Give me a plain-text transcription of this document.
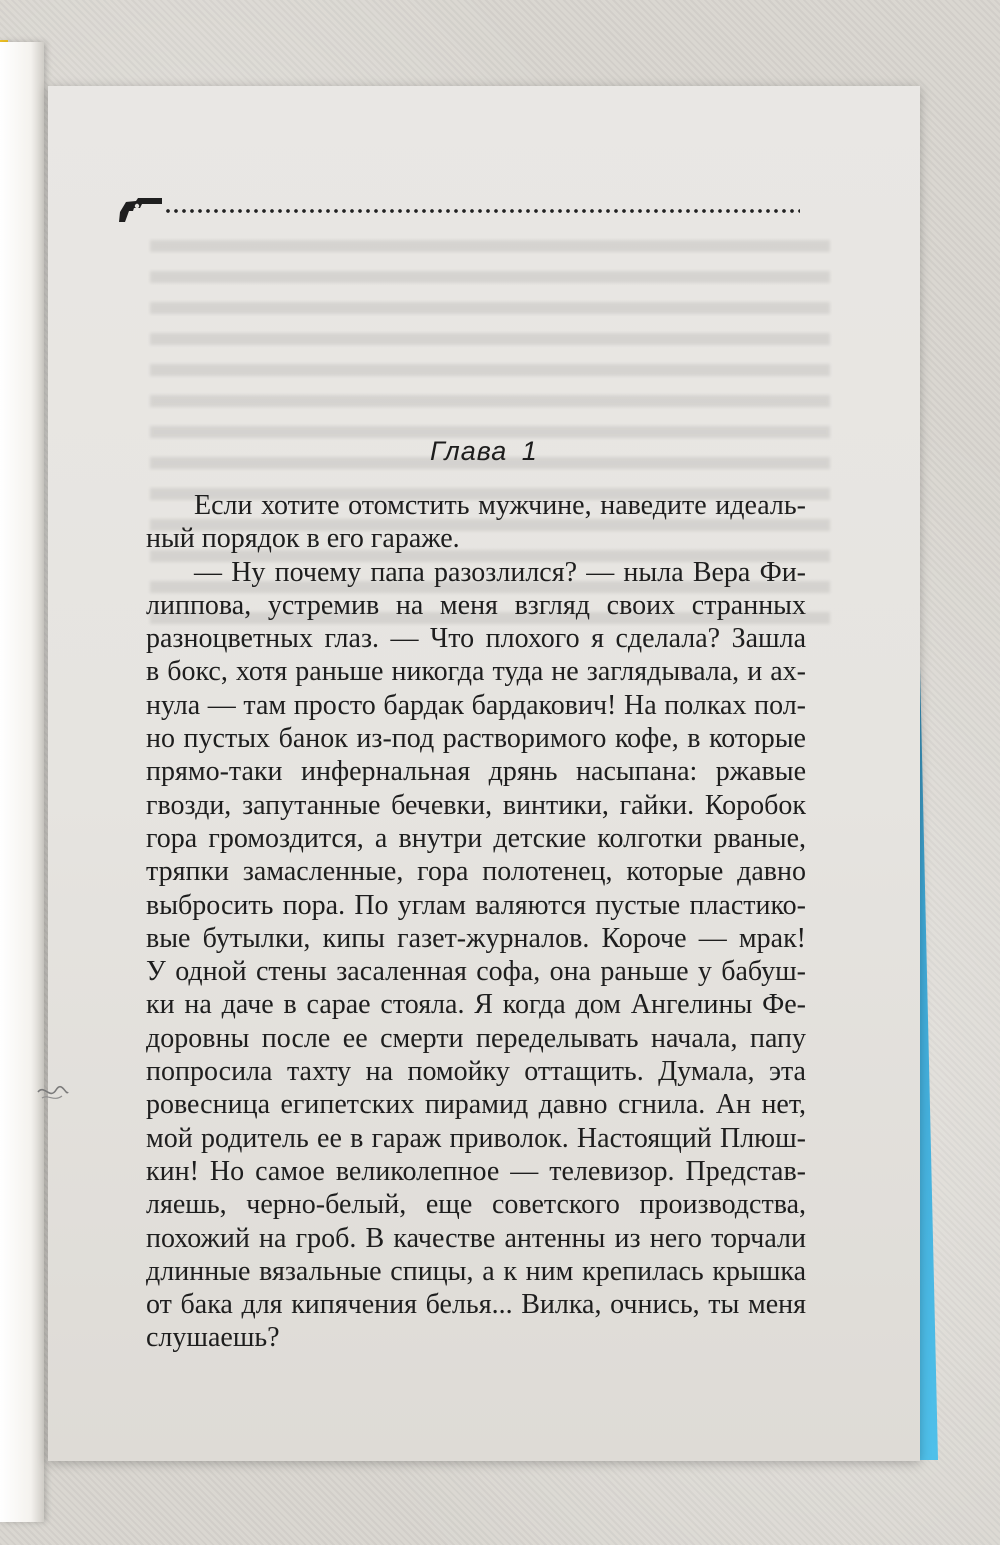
Глава 1
Если хотите отомстить мужчине, наведите идеаль-
ный порядок в его гараже.
— Ну почему папа разозлился? — ныла Вера Фи-
липпова, устремив на меня взгляд своих странных
разноцветных глаз. — Что плохого я сделала? Зашла
в бокс, хотя раньше никогда туда не заглядывала, и ах-
нула — там просто бардак бардакович! На полках пол-
но пустых банок из-под растворимого кофе, в которые
прямо-таки инфернальная дрянь насыпана: ржавые
гвозди, запутанные бечевки, винтики, гайки. Коробок
гора громоздится, а внутри детские колготки рваные,
тряпки замасленные, гора полотенец, которые давно
выбросить пора. По углам валяются пустые пластико-
вые бутылки, кипы газет-журналов. Короче — мрак!
У одной стены засаленная софа, она раньше у бабуш-
ки на даче в сарае стояла. Я когда дом Ангелины Фе-
доровны после ее смерти переделывать начала, папу
попросила тахту на помойку оттащить. Думала, эта
ровесница египетских пирамид давно сгнила. Ан нет,
мой родитель ее в гараж приволок. Настоящий Плюш-
кин! Но самое великолепное — телевизор. Представ-
ляешь, черно-белый, еще советского производства,
похожий на гроб. В качестве антенны из него торчали
длинные вязальные спицы, а к ним крепилась крышка
от бака для кипячения белья... Вилка, очнись, ты меня
слушаешь?
